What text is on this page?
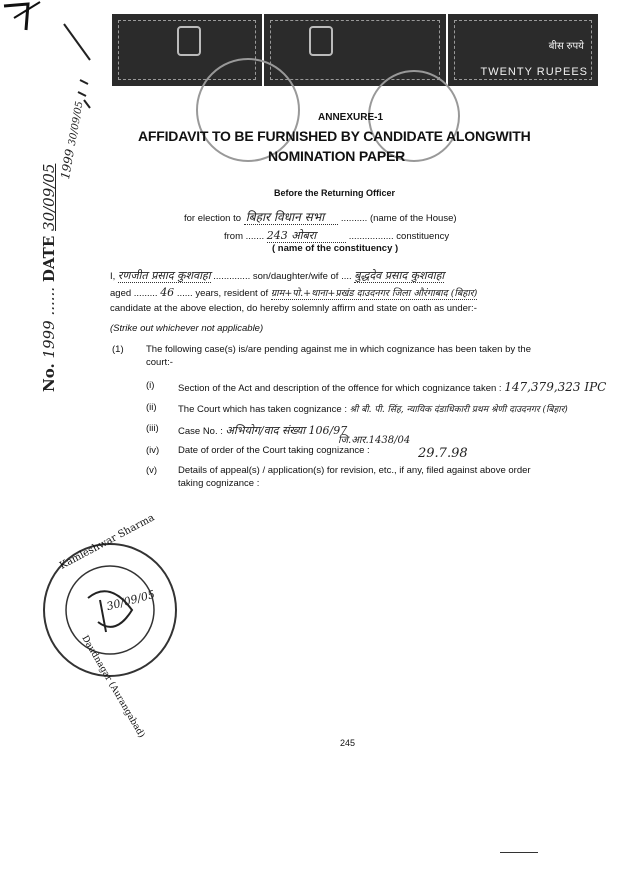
बीस रुपये
TWENTY RUPEES
No. 1999 ...... DATE 30/09/05 1999 30/09/05	ANNEXURE-1
AFFIDAVIT TO BE FURNISHED BY CANDIDATE ALONGWITH
NOMINATION PAPER
Before the Returning Officer
for election to बिहार विधान सभा .......... (name of the House)
from ....... 243 ओबरा	................. constituency
( name of the constituency )
I, रणजीत प्रसाद कुशवाहा .............. son/daughter/wife of .... बुद्धदेव प्रसाद कुशवाहा
aged ......... 46 ...... years, resident of ग्राम+पो.+थाना+प्रखंड दाउदनगर जिला औरंगाबाद (बिहार)
candidate at the above election, do hereby solemnly affirm and state on oath as under:-
(Strike out whichever not applicable)
(1) The following case(s) is/are pending against me in which cognizance has been taken by the
court:-
(i) Section of the Act and description of the offence for which cognizance taken : 147,379,323 IPC
(ii) The Court which has taken cognizance : श्री बी. पी. सिंह, न्यायिक दंडाधिकारी प्रथम श्रेणी दाउदनगर (बिहार)
(iii) Case No. : अभियोग/वाद संख्या 106/97
जि.आर.1438/04
(iv) Date of order of the Court taking cognizance :	29.7.98
(v) Details of appeal(s) / application(s) for revision, etc., if any, filed against above order
taking cognizance :
Kamleshwar Sharma
Daudnagar (Aurangabad)
30/09/05
245
